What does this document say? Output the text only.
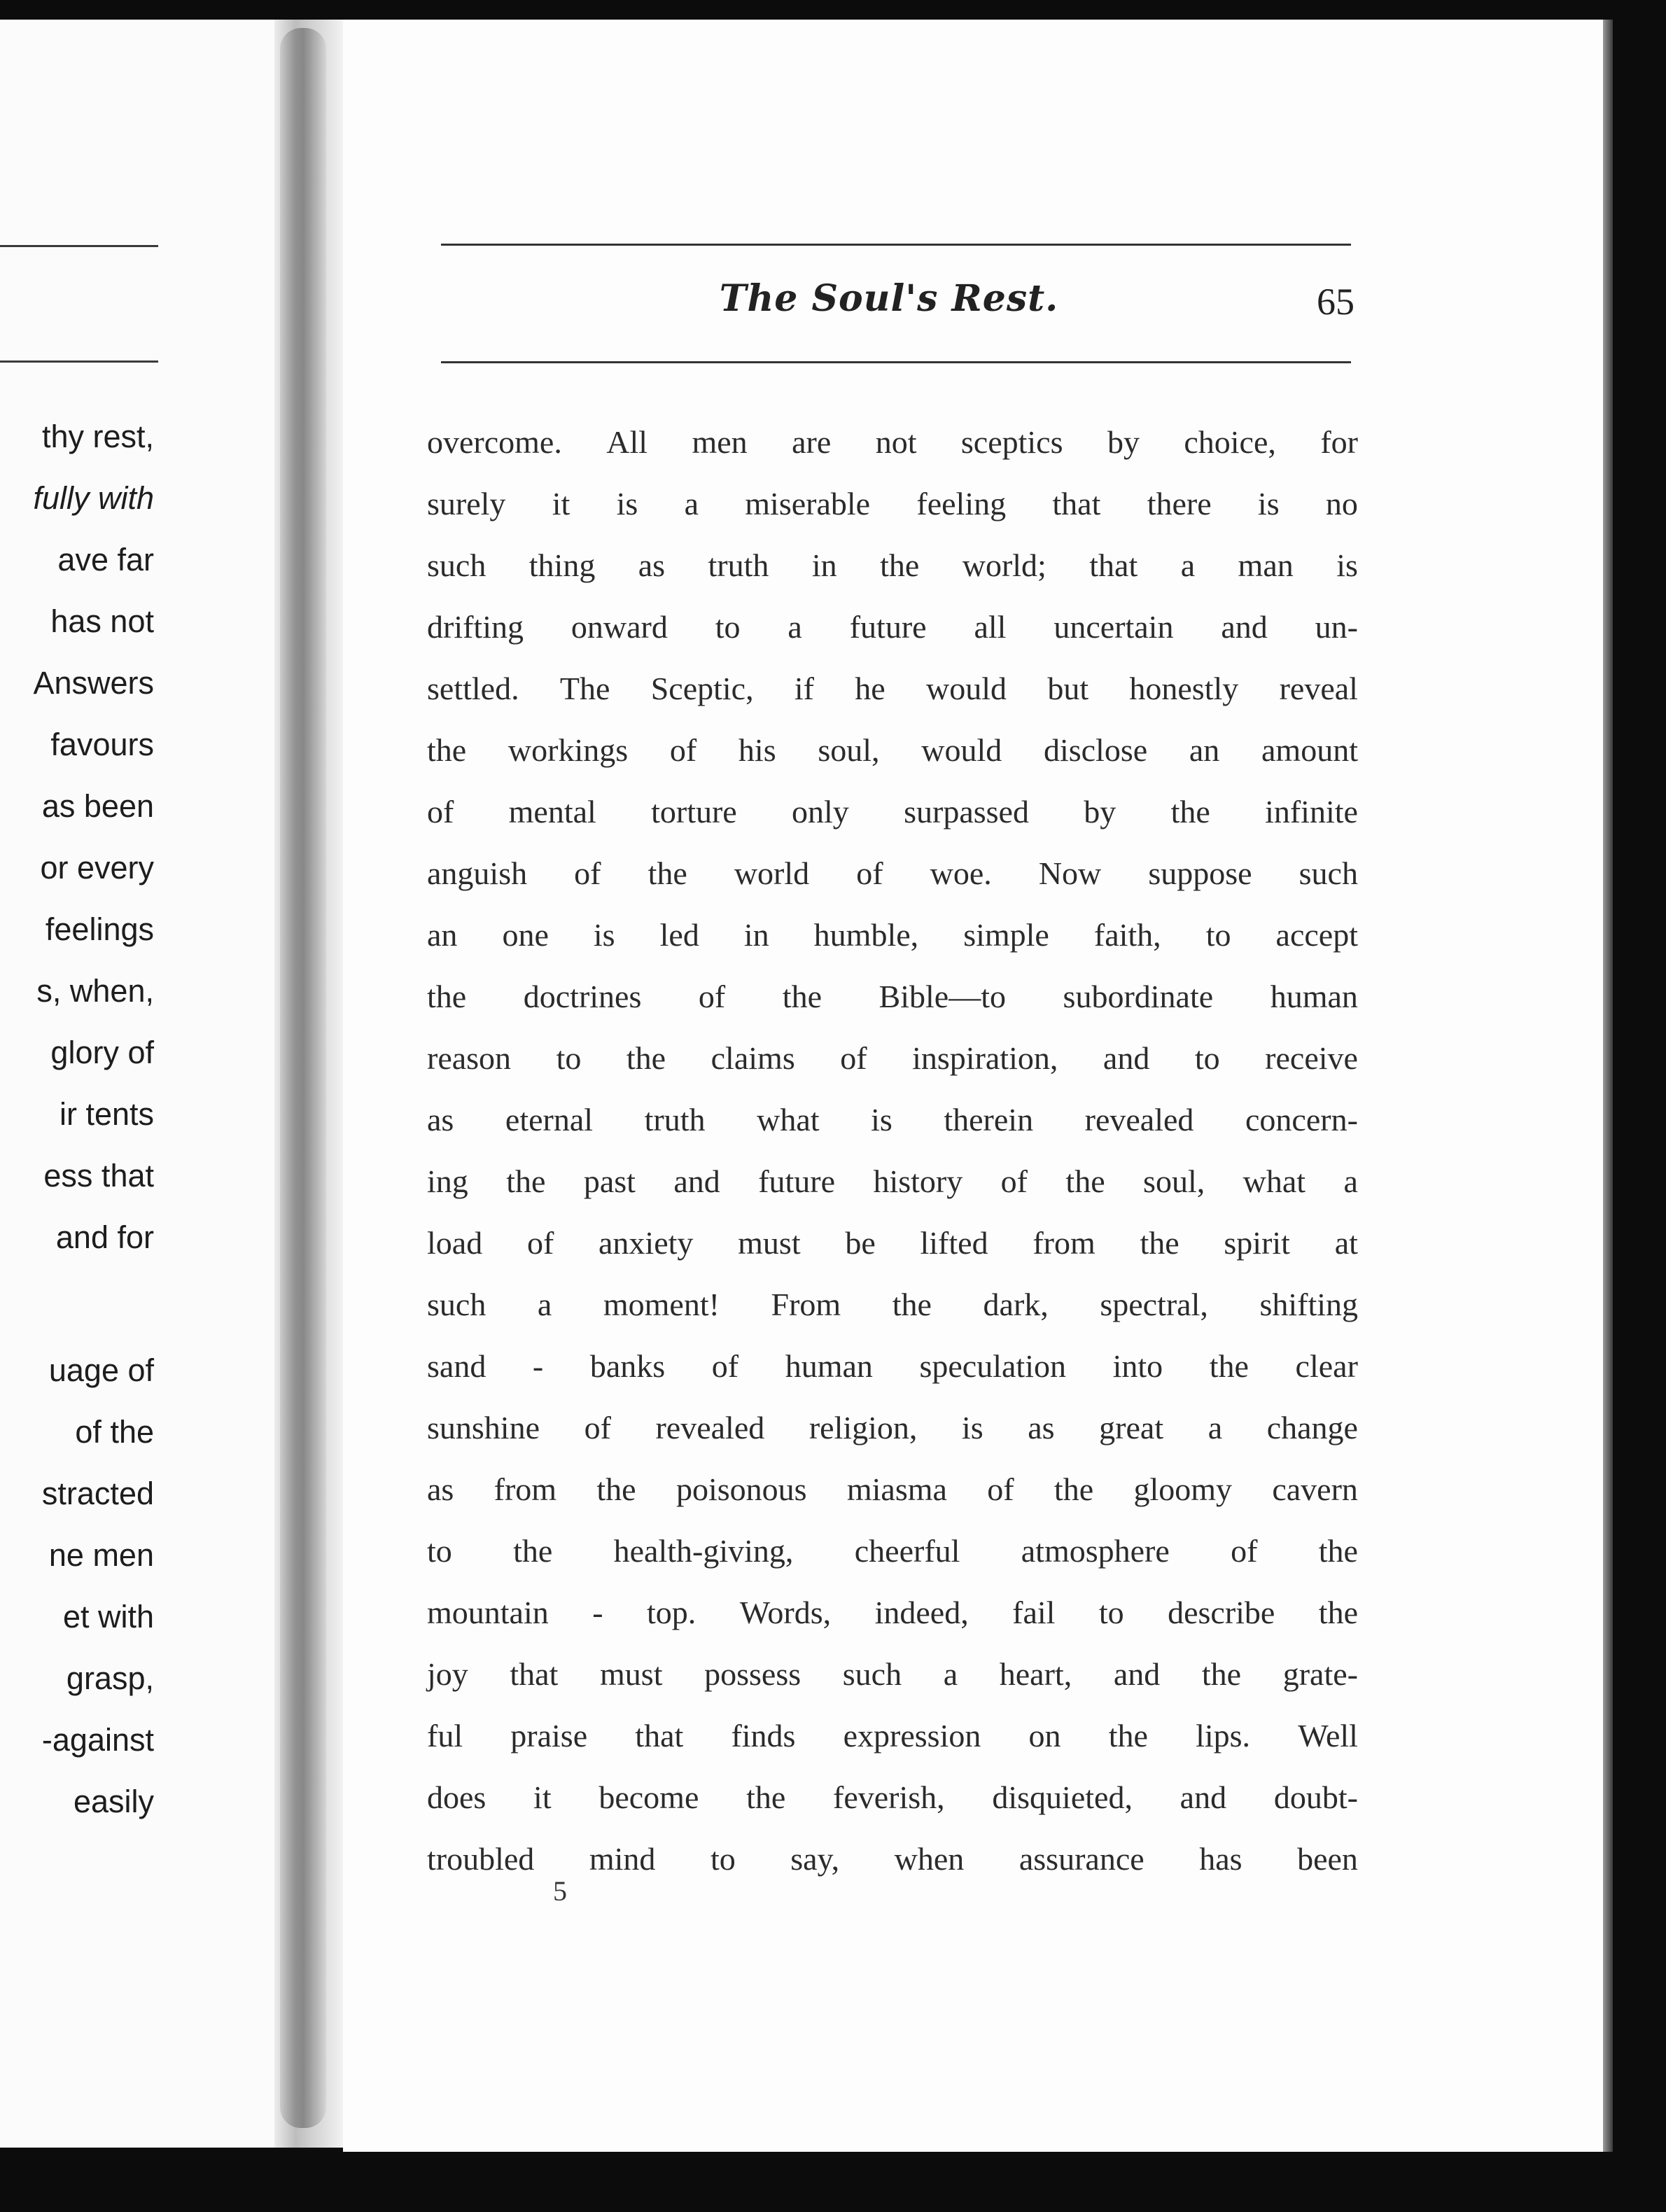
thy rest,
fully with
ave far
has not
Answers
favours
as been
or every
feelings
s, when,
glory of
ir tents
ess that
and for
uage of
of the
stracted
ne men
et with
grasp,
-against
easily
The Soul's Rest.	65
overcome. All men are not sceptics by choice, for
surely it is a miserable feeling that there is no
such thing as truth in the world; that a man is
drifting onward to a future all uncertain and un-
settled. The Sceptic, if he would but honestly reveal
the workings of his soul, would disclose an amount
of mental torture only surpassed by the infinite
anguish of the world of woe. Now suppose such
an one is led in humble, simple faith, to accept
the doctrines of the Bible—to subordinate human
reason to the claims of inspiration, and to receive
as eternal truth what is therein revealed concern-
ing the past and future history of the soul, what a
load of anxiety must be lifted from the spirit at
such a moment! From the dark, spectral, shifting
sand - banks of human speculation into the clear
sunshine of revealed religion, is as great a change
as from the poisonous miasma of the gloomy cavern
to the health-giving, cheerful atmosphere of the
mountain - top. Words, indeed, fail to describe the
joy that must possess such a heart, and the grate-
ful praise that finds expression on the lips. Well
does it become the feverish, disquieted, and doubt-
troubled mind to say, when assurance has been
5
